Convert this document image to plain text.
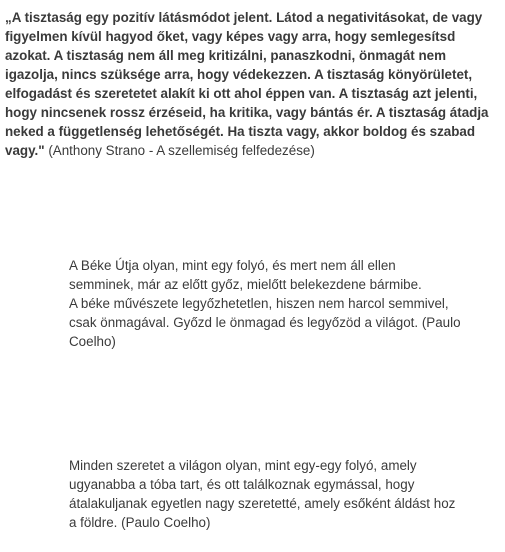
„A tisztaság egy pozitív látásmódot jelent. Látod a negativitásokat, de vagy
figyelmen kívül hagyod őket, vagy képes vagy arra, hogy semlegesítsd
azokat. A tisztaság nem áll meg kritizálni, panaszkodni, önmagát nem
igazolja, nincs szüksége arra, hogy védekezzen. A tisztaság könyörületet,
elfogadást és szeretetet alakít ki ott ahol éppen van. A tisztaság azt jelenti,
hogy nincsenek rossz érzéseid, ha kritika, vagy bántás ér. A tisztaság átadja
neked a függetlenség lehetőségét. Ha tiszta vagy, akkor boldog és szabad
vagy." (Anthony Strano - A szellemiség felfedezése)
A Béke Útja olyan, mint egy folyó, és mert nem áll ellen
semminek, már az előtt győz, mielőtt belekezdene bármibe.
A béke művészete legyőzhetetlen, hiszen nem harcol semmivel,
csak önmagával. Győzd le önmagad és legyőzöd a világot. (Paulo
Coelho)
Minden szeretet a világon olyan, mint egy-egy folyó, amely
ugyanabba a tóba tart, és ott találkoznak egymással, hogy
átalakuljanak egyetlen nagy szeretetté, amely esőként áldást hoz
a földre. (Paulo Coelho)
